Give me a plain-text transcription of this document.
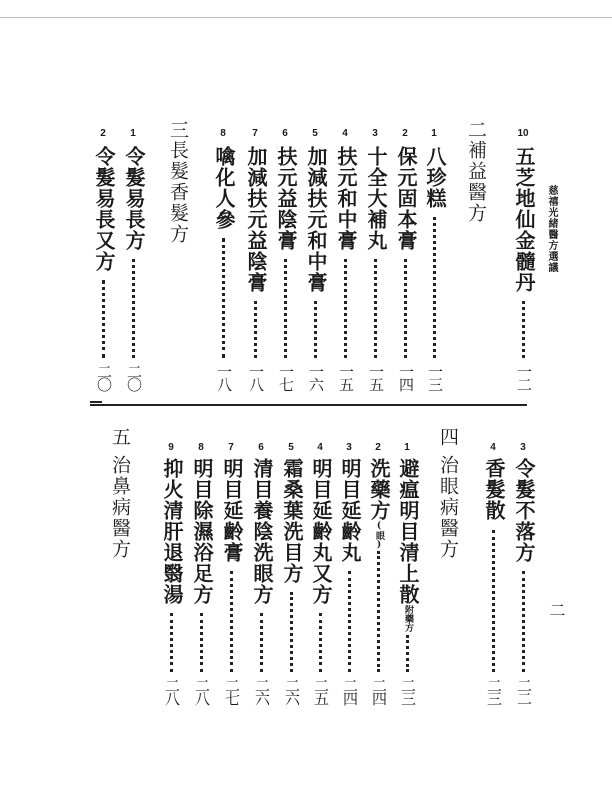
慈禧光緒醫方選議
10
五芝地仙金髓丹
一二
二
補益醫方
1
八珍糕
一三
2
保元固本膏
一四
3
十全大補丸
一五
4
扶元和中膏
一五
5
加減扶元和中膏
一六
6
扶元益陰膏
一七
7
加減扶元益陰膏
一八
8
噙化人參
一八
三
長髮香髮方
1
令髮易長方
二〇
2
令髮易長又方
二〇
3
令髮不落方
二二
4
香髮散
二三
四
治眼病醫方
1
避瘟明目清上散附藥方
二三
2
洗藥方(眼)
二四
3
明目延齡丸
二四
4
明目延齡丸又方
二五
5
霜桑葉洗目方
二六
6
清目養陰洗眼方
二六
7
明目延齡膏
二七
8
明目除濕浴足方
二八
9
抑火清肝退翳湯
二八
五
治鼻病醫方
二
